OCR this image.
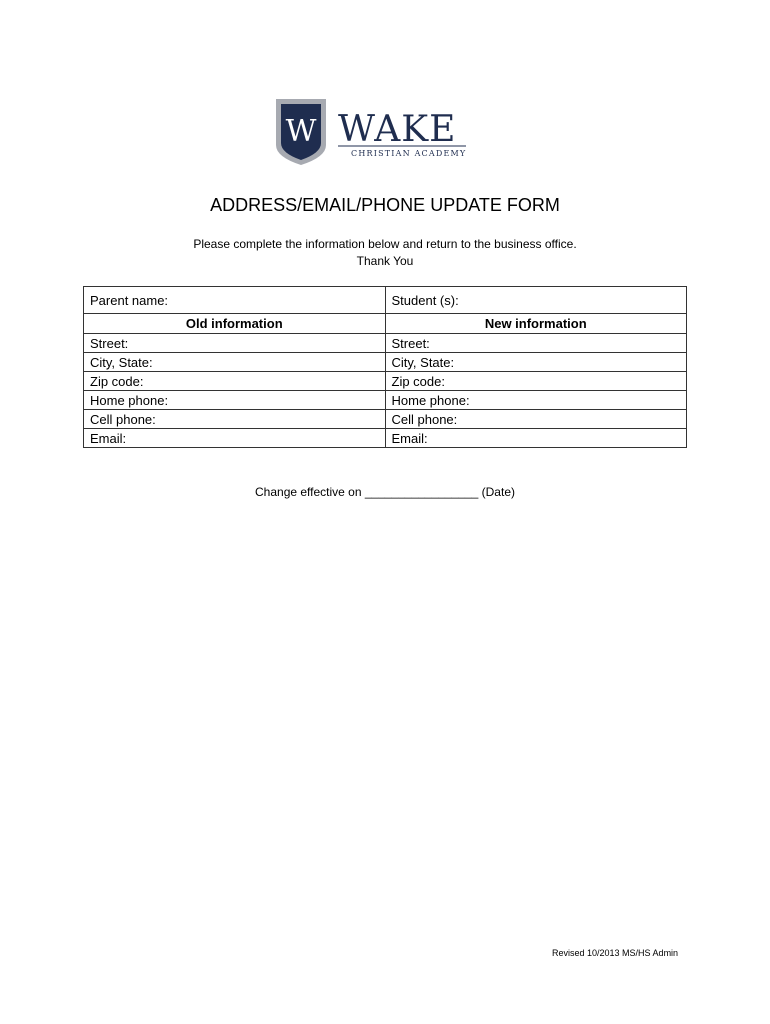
W WAKE
CHRISTIAN ACADEMY
ADDRESS/EMAIL/PHONE UPDATE FORM
Please complete the information below and return to the business office.
Thank You
Parent name:	Student (s):
Old information	New information
Street:	Street:
City, State:	City, State:
Zip code:	Zip code:
Home phone:	Home phone:
Cell phone:	Cell phone:
Email:	Email:
Change effective on _________________ (Date)
Revised 10/2013 MS/HS Admin
